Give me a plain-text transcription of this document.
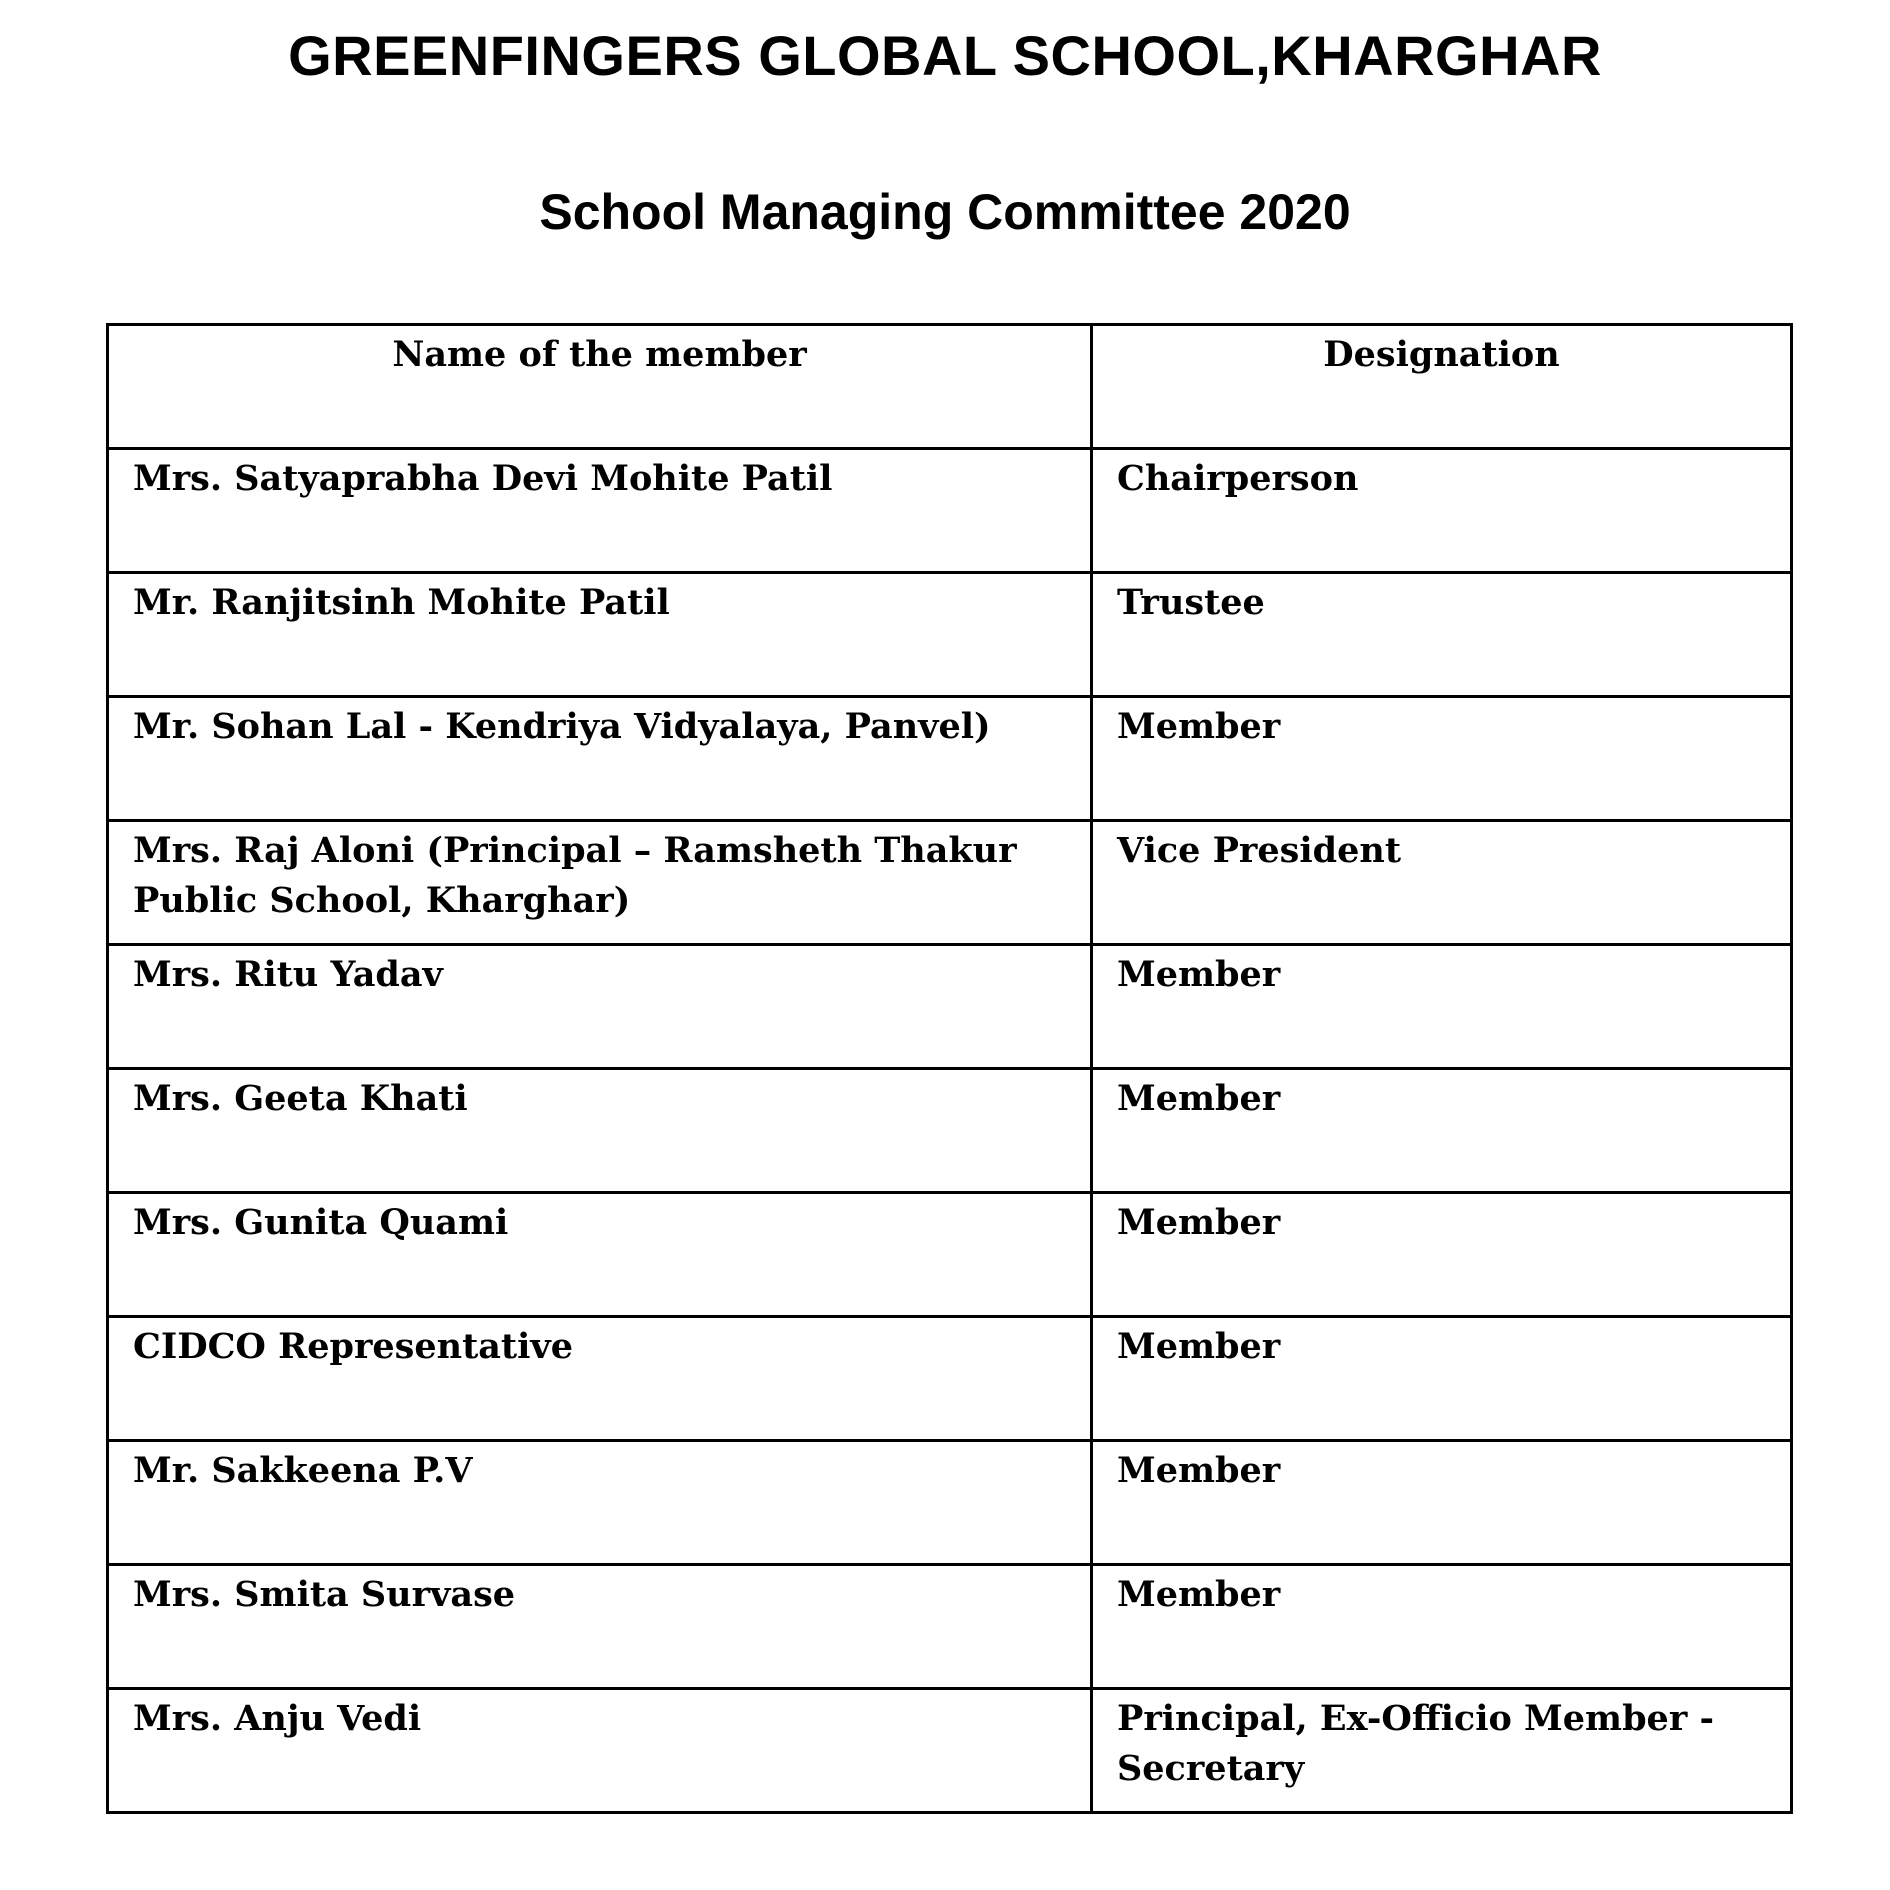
GREENFINGERS GLOBAL SCHOOL,KHARGHAR
School Managing Committee 2020
Name of the member	Designation
Mrs. Satyaprabha Devi Mohite Patil	Chairperson
Mr. Ranjitsinh Mohite Patil	Trustee
Mr. Sohan Lal - Kendriya Vidyalaya, Panvel)	Member
Mrs. Raj Aloni (Principal – Ramsheth Thakur Public School, Kharghar)	Vice President
Mrs. Ritu Yadav	Member
Mrs. Geeta Khati	Member
Mrs. Gunita Quami	Member
CIDCO Representative	Member
Mr. Sakkeena P.V	Member
Mrs. Smita Survase	Member
Mrs. Anju Vedi	Principal, Ex-Officio Member - Secretary
